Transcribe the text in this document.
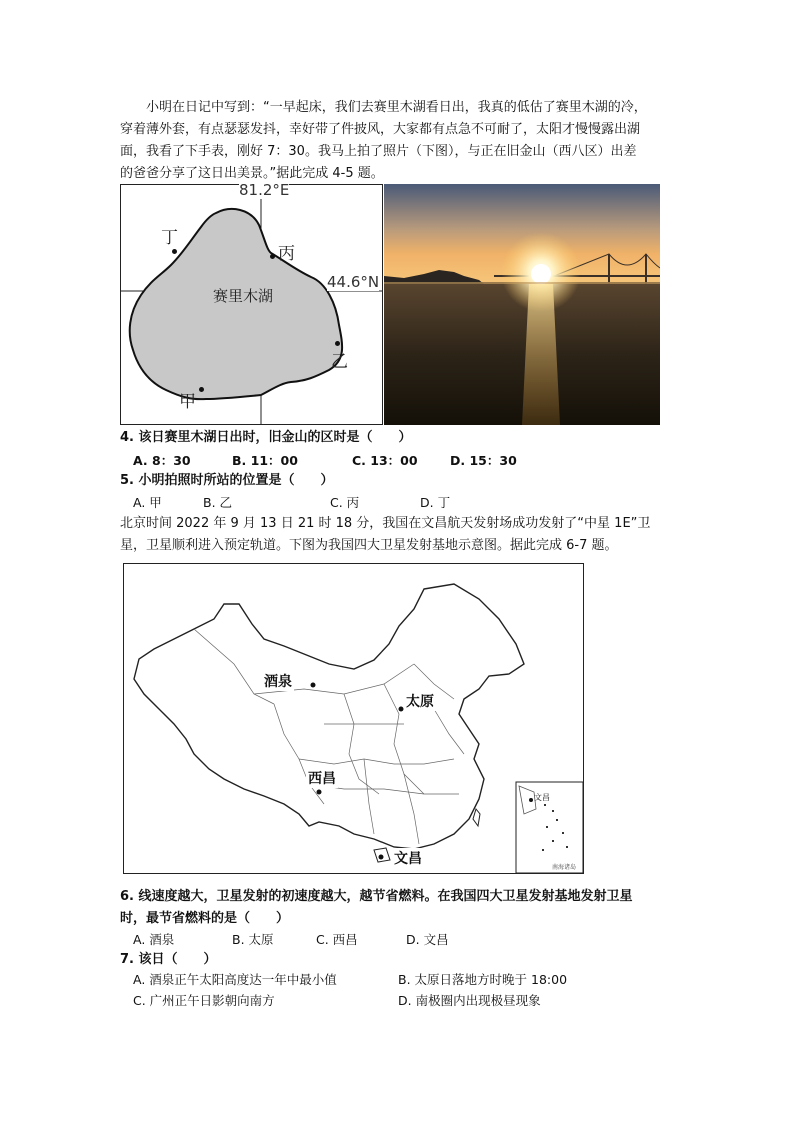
小明在日记中写到：“一早起床，我们去赛里木湖看日出，我真的低估了赛里木湖的冷，
穿着薄外套，有点瑟瑟发抖，幸好带了件披风，大家都有点急不可耐了，太阳才慢慢露出湖
面，我看了下手表，刚好 7：30。我马上拍了照片（下图），与正在旧金山（西八区）出差
的爸爸分享了这日出美景。”据此完成 4-5 题。
81.2°E
44.6°N
赛里木湖
丁
丙
乙
甲
4. 该日赛里木湖日出时，旧金山的区时是（　　）
A. 8：30	B. 11：00	C. 13：00	D. 15：30
5. 小明拍照时所站的位置是（　　）
A. 甲	B. 乙	C. 丙	D. 丁
北京时间 2022 年 9 月 13 日 21 时 18 分，我国在文昌航天发射场成功发射了“中星 1E”卫
星，卫星顺利进入预定轨道。下图为我国四大卫星发射基地示意图。据此完成 6-7 题。
酒泉
太原
西昌
文昌
文昌
南海诸岛
6. 线速度越大，卫星发射的初速度越大，越节省燃料。在我国四大卫星发射基地发射卫星
时，最节省燃料的是（　　）
A. 酒泉	B. 太原	C. 西昌	D. 文昌
7. 该日（　　）
A. 酒泉正午太阳高度达一年中最小值	B. 太原日落地方时晚于 18:00
C. 广州正午日影朝向南方	D. 南极圈内出现极昼现象
